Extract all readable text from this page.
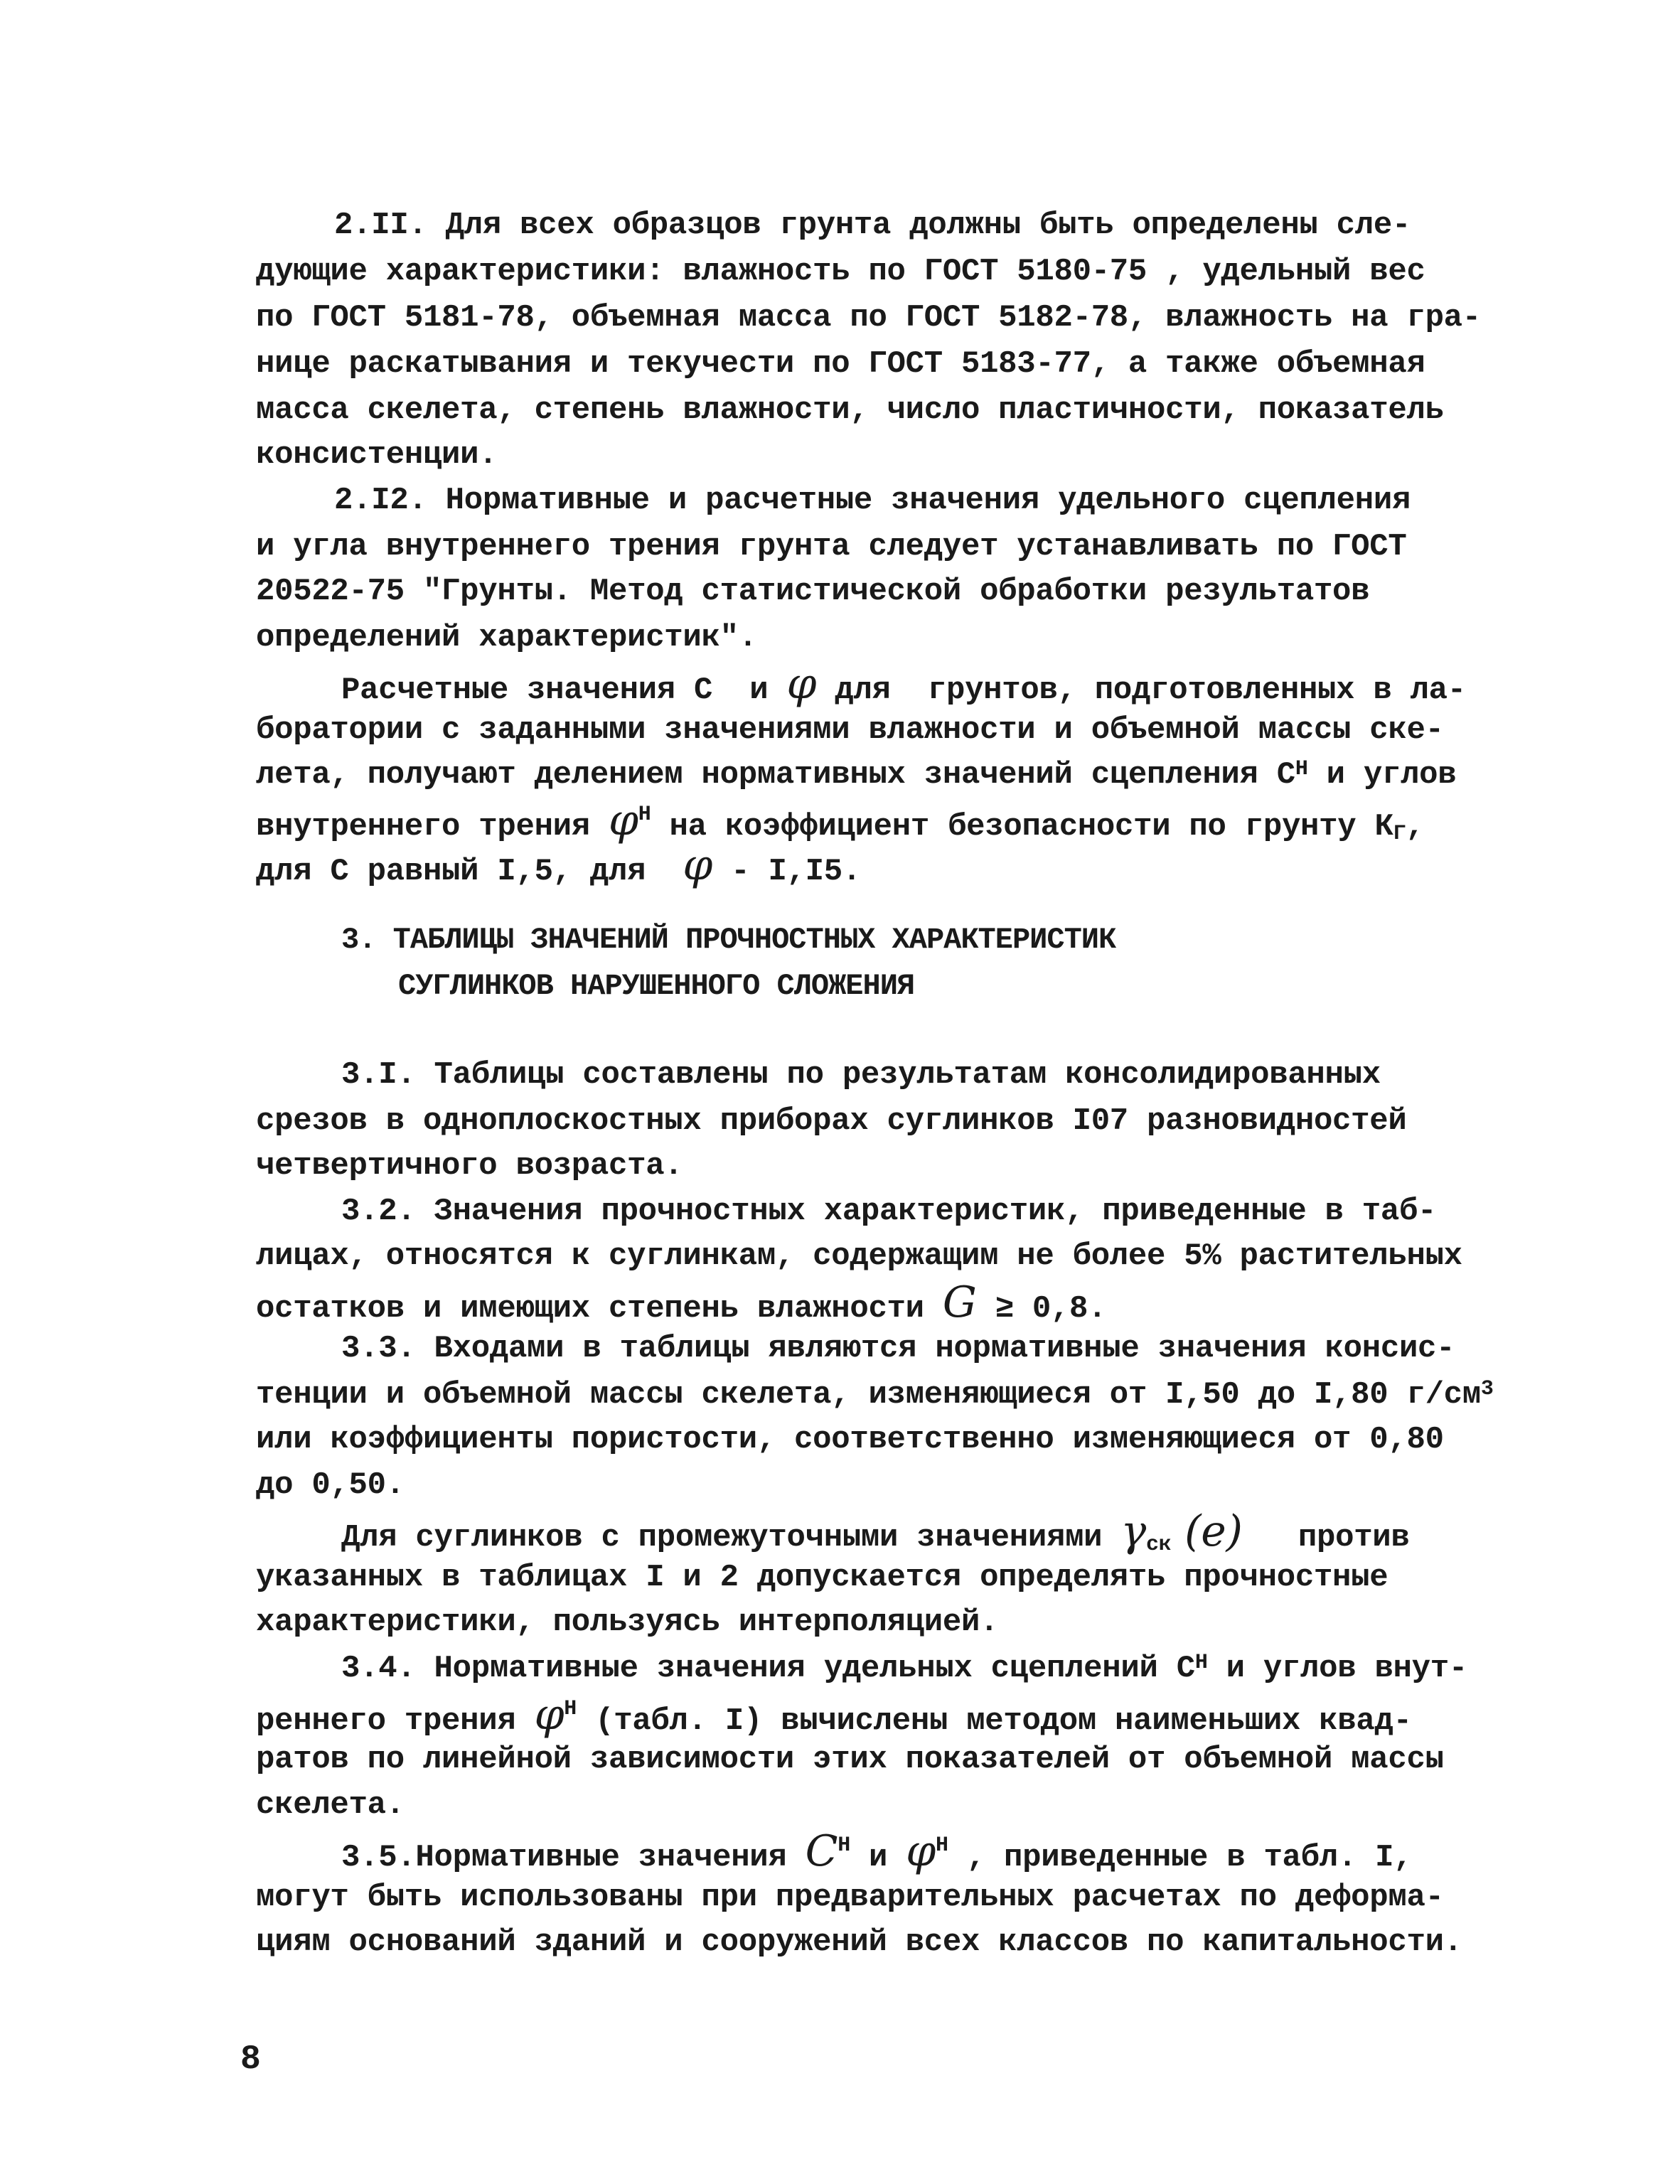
2.II. Для всех образцов грунта должны быть определены сле-
дующие характеристики: влажность по ГОСТ 5180-75 , удельный вес
по ГОСТ 5181-78, объемная масса по ГОСТ 5182-78, влажность на гра-
нице раскатывания и текучести по ГОСТ 5183-77, а также объемная
масса скелета, степень влажности, число пластичности, показатель
консистенции.
2.I2. Нормативные и расчетные значения удельного сцепления
и угла внутреннего трения грунта следует устанавливать по ГОСТ
20522-75 "Грунты. Метод статистической обработки результатов
определений характеристик".
Расчетные значения С  и φ для  грунтов, подготовленных в ла-
боратории с заданными значениями влажности и объемной массы ске-
лета, получают делением нормативных значений сцепления $С^Н$ и углов
внутреннего трения $\varphi^Н$ на коэффициент безопасности по грунту $К_Г$,
для С равный I,5, для  φ - I,I5.
3. ТАБЛИЦЫ ЗНАЧЕНИЙ ПРОЧНОСТНЫХ ХАРАКТЕРИСТИК
СУГЛИНКОВ НАРУШЕННОГО СЛОЖЕНИЯ
3.I. Таблицы составлены по результатам консолидированных
срезов в одноплоскостных приборах суглинков I07 разновидностей
четвертичного возраста.
3.2. Значения прочностных характеристик, приведенные в таб-
лицах, относятся к суглинкам, содержащим не более 5% растительных
остатков и имеющих степень влажности G ≥ 0,8.
3.3. Входами в таблицы являются нормативные значения консис-
тенции и объемной массы скелета, изменяющиеся от I,50 до I,80 $г/см^3$
или коэффициенты пористости, соответственно изменяющиеся от 0,80
до 0,50.
Для суглинков с промежуточными значениями $\gamma_{ск}$ (е)   против
указанных в таблицах I и 2 допускается определять прочностные
характеристики, пользуясь интерполяцией.
3.4. Нормативные значения удельных сцеплений $С^Н$ и углов внут-
реннего трения $\varphi^Н$ (табл. I) вычислены методом наименьших квад-
ратов по линейной зависимости этих показателей от объемной массы
скелета.
3.5.Нормативные значения $С^Н$ и $\varphi^Н$ , приведенные в табл. I,
могут быть использованы при предварительных расчетах по деформа-
циям оснований зданий и сооружений всех классов по капитальности.
8
